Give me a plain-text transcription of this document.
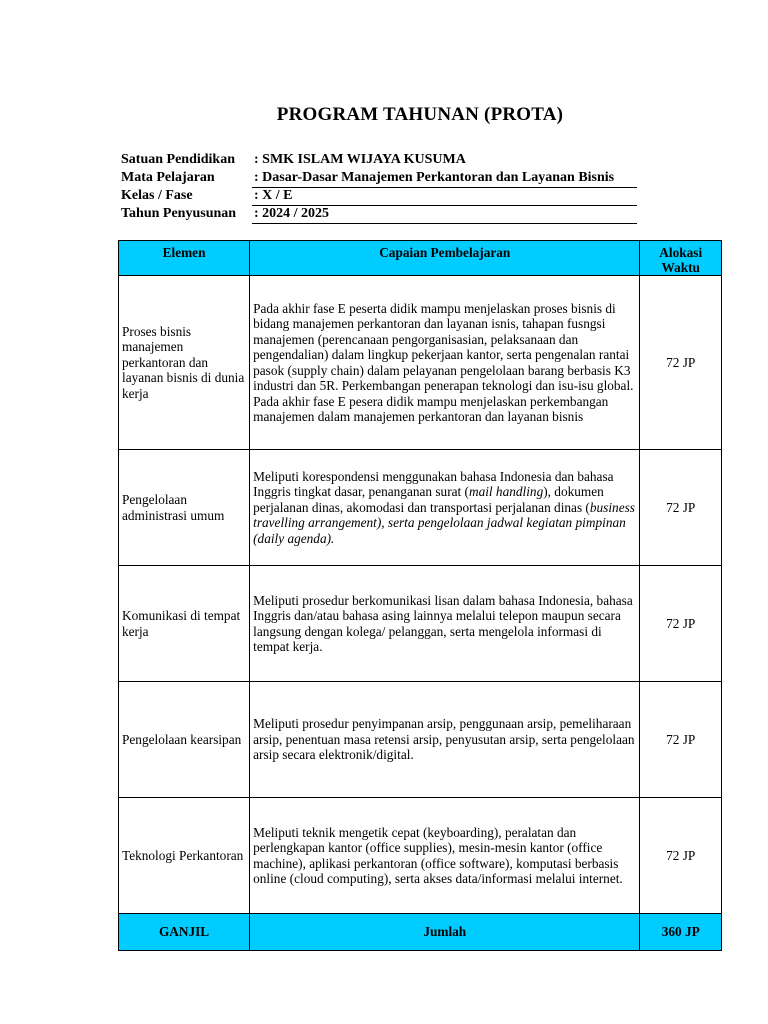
PROGRAM TAHUNAN (PROTA)
Satuan Pendidikan : SMK ISLAM WIJAYA KUSUMA
Mata Pelajaran	: Dasar-Dasar Manajemen Perkantoran dan Layanan Bisnis
Kelas / Fase	: X / E
Tahun Penyusunan : 2024 / 2025
Elemen	Capaian Pembelajaran	Alokasi
Waktu

Proses bisnis manajemen perkantoran dan layanan bisnis di dunia kerja	Pada akhir fase E peserta didik mampu menjelaskan proses bisnis di bidang manajemen perkantoran dan layanan isnis, tahapan fusngsi manajemen (perencanaan pengorganisasian, pelaksanaan dan pengendalian) dalam lingkup pekerjaan kantor, serta pengenalan rantai pasok (supply chain) dalam pelayanan pengelolaan barang berbasis K3 industri dan 5R. Perkembangan penerapan teknologi dan isu-isu global. Pada akhir fase E pesera didik mampu menjelaskan perkembangan manajemen dalam manajemen perkantoran dan layanan bisnis	72 JP
Pengelolaan administrasi umum	Meliputi korespondensi menggunakan bahasa Indonesia dan bahasa Inggris tingkat dasar, penanganan surat (mail handling), dokumen perjalanan dinas, akomodasi dan transportasi perjalanan dinas (business travelling arrangement), serta pengelolaan jadwal kegiatan pimpinan (daily agenda).	72 JP
Komunikasi di tempat kerja	Meliputi prosedur berkomunikasi lisan dalam bahasa Indonesia, bahasa Inggris dan/atau bahasa asing lainnya melalui telepon maupun secara langsung dengan kolega/ pelanggan, serta mengelola informasi di tempat kerja.	72 JP
Pengelolaan kearsipan	Meliputi prosedur penyimpanan arsip, penggunaan arsip, pemeliharaan arsip, penentuan masa retensi arsip, penyusutan arsip, serta pengelolaan arsip secara elektronik/digital.	72 JP
Teknologi Perkantoran	Meliputi teknik mengetik cepat (keyboarding), peralatan dan perlengkapan kantor (office supplies), mesin-mesin kantor (office machine), aplikasi perkantoran (office software), komputasi berbasis online (cloud computing), serta akses data/informasi melalui internet.	72 JP
GANJIL	Jumlah	360 JP
